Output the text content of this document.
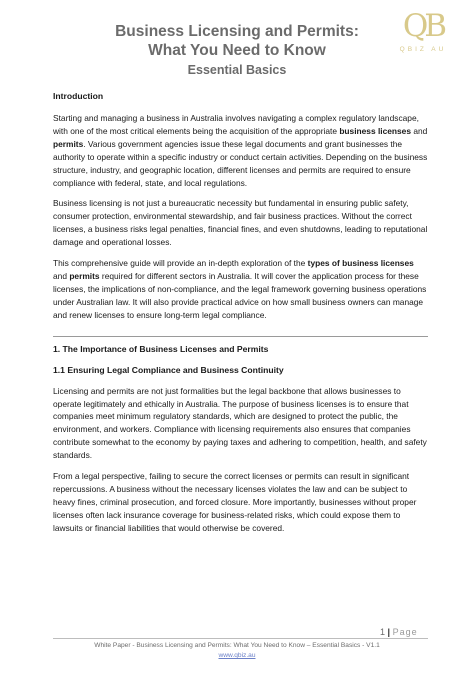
Business Licensing and Permits:
What You Need to Know
Essential Basics
QB
QBIZ AU
Introduction

Starting and managing a business in Australia involves navigating a complex regulatory landscape, with one of the most critical elements being the acquisition of the appropriate business licenses and permits. Various government agencies issue these legal documents and grant businesses the authority to operate within a specific industry or conduct certain activities. Depending on the business structure, industry, and geographic location, different licenses and permits are required to ensure compliance with federal, state, and local regulations.

Business licensing is not just a bureaucratic necessity but fundamental in ensuring public safety, consumer protection, environmental stewardship, and fair business practices. Without the correct licenses, a business risks legal penalties, financial fines, and even shutdowns, leading to reputational damage and operational losses.

This comprehensive guide will provide an in-depth exploration of the types of business licenses and permits required for different sectors in Australia. It will cover the application process for these licenses, the implications of non-compliance, and the legal framework governing business operations under Australian law. It will also provide practical advice on how small business owners can manage and renew licenses to ensure long-term legal compliance.

1. The Importance of Business Licenses and Permits
1.1 Ensuring Legal Compliance and Business Continuity

Licensing and permits are not just formalities but the legal backbone that allows businesses to operate legitimately and ethically in Australia. The purpose of business licenses is to ensure that companies meet minimum regulatory standards, which are designed to protect the public, the environment, and workers. Compliance with licensing requirements also ensures that companies contribute somewhat to the economy by paying taxes and adhering to competition, health, and safety standards.

From a legal perspective, failing to secure the correct licenses or permits can result in significant repercussions. A business without the necessary licenses violates the law and can be subject to heavy fines, criminal prosecution, and forced closure. More importantly, businesses without proper licenses often lack insurance coverage for business-related risks, which could expose them to lawsuits or financial liabilities that would otherwise be covered.

1 | Page
White Paper - Business Licensing and Permits: What You Need to Know – Essential Basics - V1.1
www.qbiz.au
